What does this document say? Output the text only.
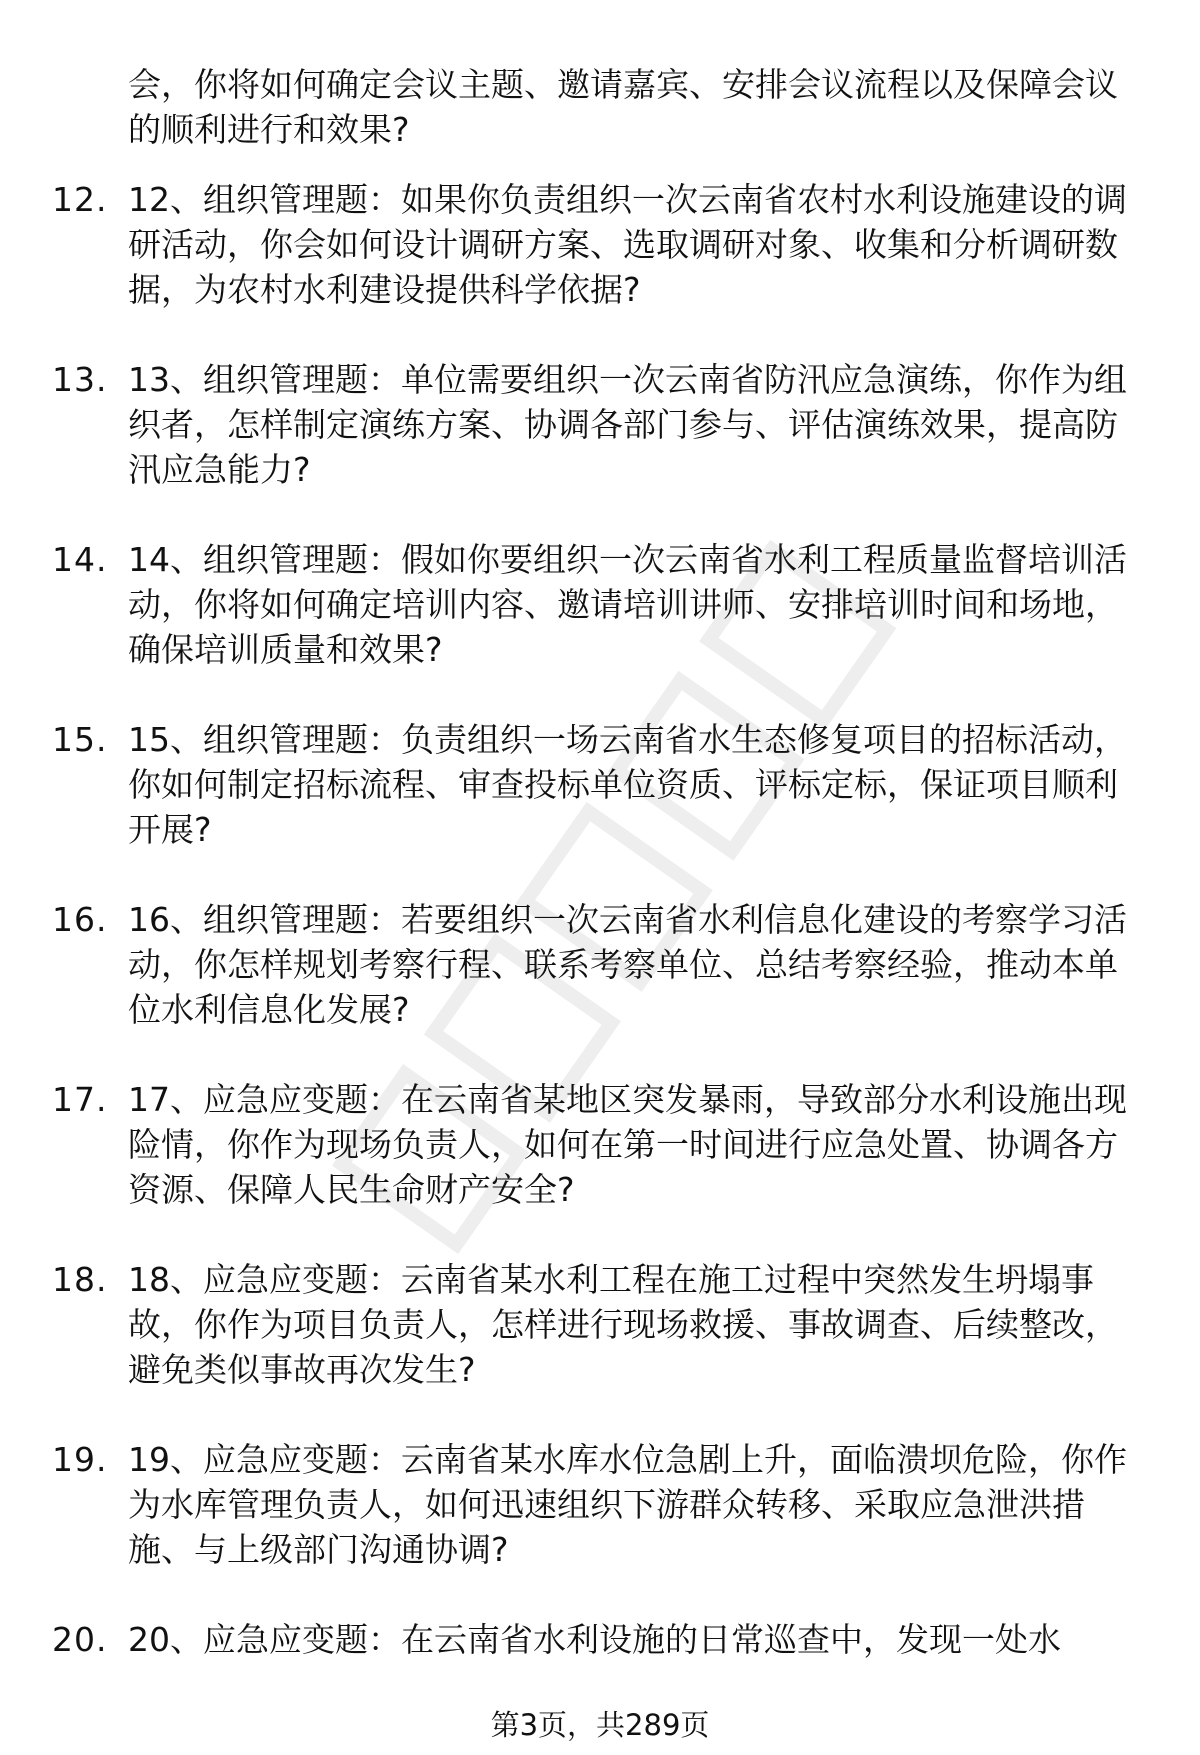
会，你将如何确定会议主题、邀请嘉宾、安排会议流程以及保障会议的顺利进行和效果?
12. 12、组织管理题：如果你负责组织一次云南省农村水利设施建设的调研活动，你会如何设计调研方案、选取调研对象、收集和分析调研数据，为农村水利建设提供科学依据?
13. 13、组织管理题：单位需要组织一次云南省防汛应急演练，你作为组织者，怎样制定演练方案、协调各部门参与、评估演练效果，提高防汛应急能力?
14. 14、组织管理题：假如你要组织一次云南省水利工程质量监督培训活动，你将如何确定培训内容、邀请培训讲师、安排培训时间和场地，确保培训质量和效果?
15. 15、组织管理题：负责组织一场云南省水生态修复项目的招标活动，你如何制定招标流程、审查投标单位资质、评标定标，保证项目顺利开展?
16. 16、组织管理题：若要组织一次云南省水利信息化建设的考察学习活动，你怎样规划考察行程、联系考察单位、总结考察经验，推动本单位水利信息化发展?
17. 17、应急应变题：在云南省某地区突发暴雨，导致部分水利设施出现险情，你作为现场负责人，如何在第一时间进行应急处置、协调各方资源、保障人民生命财产安全?
18. 18、应急应变题：云南省某水利工程在施工过程中突然发生坍塌事故，你作为项目负责人，怎样进行现场救援、事故调查、后续整改，避免类似事故再次发生?
19. 19、应急应变题：云南省某水库水位急剧上升，面临溃坝危险，你作为水库管理负责人，如何迅速组织下游群众转移、采取应急泄洪措施、与上级部门沟通协调?
20. 20、应急应变题：在云南省水利设施的日常巡查中，发现一处水
第3页，共289页
